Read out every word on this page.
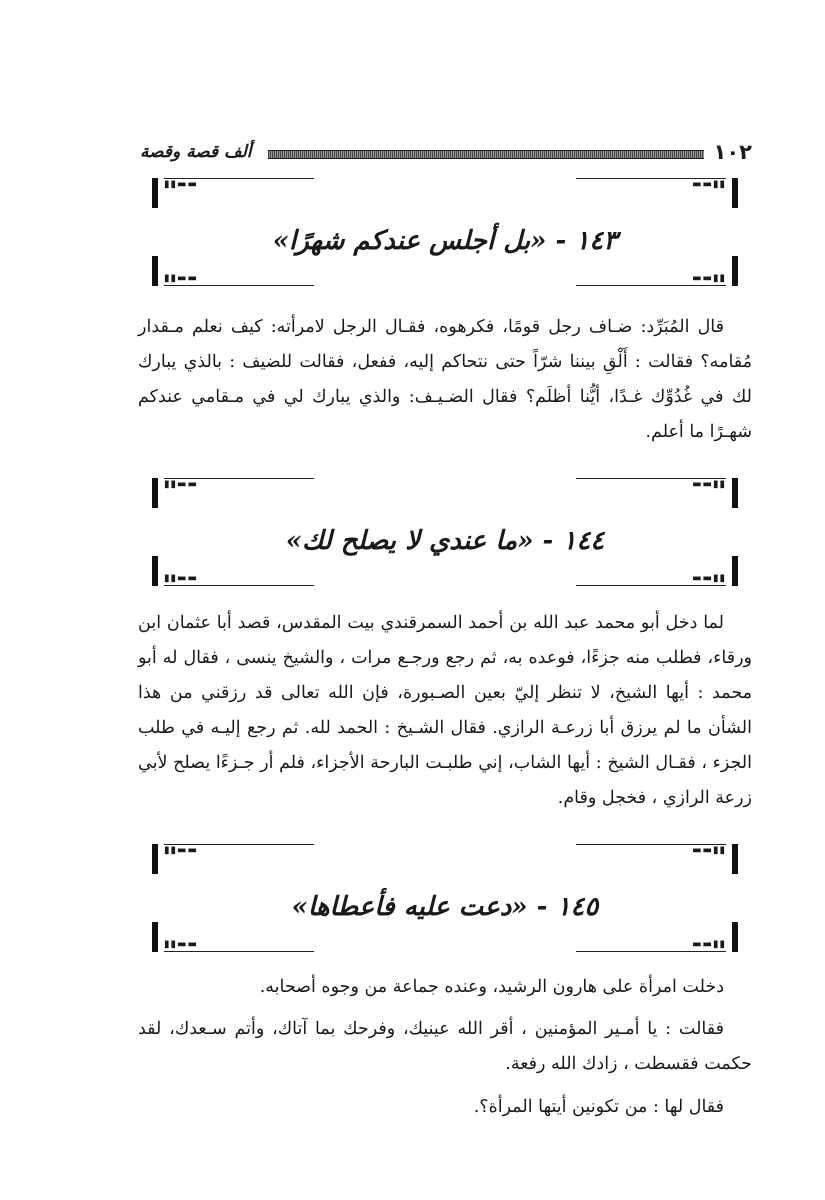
١٠٢
ألف قصة وقصة
▮▮▬▬	▬▬▮▮
١٤٣ - «بل أجلس عندكم شهرًا»
▮▮▬▬	▬▬▮▮
قال المُبَرِّد: ضـاف رجل قومًا، فكرهوه، فقـال الرجل لامرأته: كيف نعلم مـقدار مُقامه؟ فقالت : أَلْقِ بيننا شرّاً حتى نتحاكم إليه، ففعل، فقالت للضيف : بالذي يبارك لك في غُدُوِّك غـدًا، أيُّنا أظلَم؟ فقال الضـيـف: والذي يبارك لي في مـقامي عندكم شهـرًا ما أعلم.
▮▮▬▬	▬▬▮▮
١٤٤ - «ما عندي لا يصلح لك»
▮▮▬▬	▬▬▮▮
لما دخل أبو محمد عبد الله بن أحمد السمرقندي بيت المقدس، قصد أبا عثمان ابن ورقاء، فطلب منه جزءًا، فوعده به، ثم رجع ورجـع مرات ، والشيخ ينسى ، فقال له أبو محمد : أيها الشيخ، لا تنظر إليّ بعين الصـبورة، فإن الله تعالى قد رزقني من هذا الشأن ما لم يرزق أبا زرعـة الرازي. فقال الشـيخ : الحمد لله. ثم رجع إليـه في طلب الجزء ، فقـال الشيخ : أيها الشاب، إني طلبـت البارحة الأجزاء، فلم أر جـزءًا يصلح لأبي زرعة الرازي ، فخجل وقام.
▮▮▬▬	▬▬▮▮
١٤٥ - «دعت عليه فأعطاها»
▮▮▬▬	▬▬▮▮
دخلت امرأة على هارون الرشيد، وعنده جماعة من وجوه أصحابه.
فقالت : يا أمـير المؤمنين ، أقر الله عينيك، وفرحك بما آتاك، وأتم سـعدك، لقد حكمت فقسطت ، زادك الله رفعة.
فقال لها : من تكونين أيتها المرأة؟.
